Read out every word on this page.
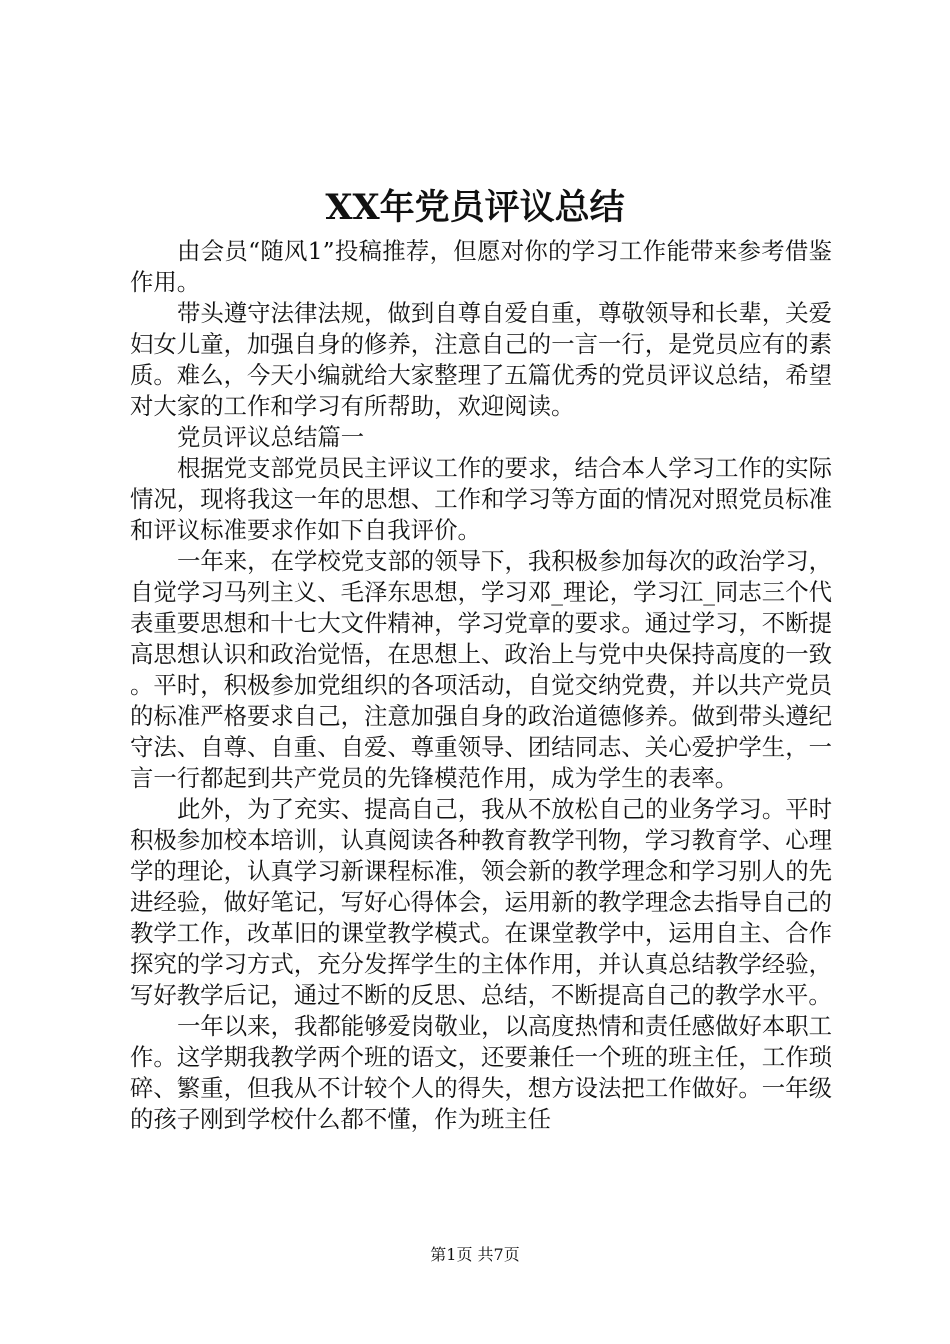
XX年党员评议总结

由会员“随风1”投稿推荐，但愿对你的学习工作能带来参考借鉴作用。

带头遵守法律法规，做到自尊自爱自重，尊敬领导和长辈，关爱妇女儿童，加强自身的修养，注意自己的一言一行，是党员应有的素质。难么，今天小编就给大家整理了五篇优秀的党员评议总结，希望对大家的工作和学习有所帮助，欢迎阅读。

党员评议总结篇一

根据党支部党员民主评议工作的要求，结合本人学习工作的实际情况，现将我这一年的思想、工作和学习等方面的情况对照党员标准和评议标准要求作如下自我评价。

一年来，在学校党支部的领导下，我积极参加每次的政治学习，自觉学习马列主义、毛泽东思想，学习邓_理论，学习江_同志三个代表重要思想和十七大文件精神，学习党章的要求。通过学习，不断提高思想认识和政治觉悟，在思想上、政治上与党中央保持高度的一致。平时，积极参加党组织的各项活动，自觉交纳党费，并以共产党员的标准严格要求自己，注意加强自身的政治道德修养。做到带头遵纪守法、自尊、自重、自爱、尊重领导、团结同志、关心爱护学生，一言一行都起到共产党员的先锋模范作用，成为学生的表率。

此外，为了充实、提高自己，我从不放松自己的业务学习。平时积极参加校本培训，认真阅读各种教育教学刊物，学习教育学、心理学的理论，认真学习新课程标准，领会新的教学理念和学习别人的先进经验，做好笔记，写好心得体会，运用新的教学理念去指导自己的教学工作，改革旧的课堂教学模式。在课堂教学中，运用自主、合作探究的学习方式，充分发挥学生的主体作用，并认真总结教学经验，写好教学后记，通过不断的反思、总结，不断提高自己的教学水平。

一年以来，我都能够爱岗敬业，以高度热情和责任感做好本职工作。这学期我教学两个班的语文，还要兼任一个班的班主任，工作琐碎、繁重，但我从不计较个人的得失，想方设法把工作做好。一年级的孩子刚到学校什么都不懂，作为班主任

第1页 共7页
